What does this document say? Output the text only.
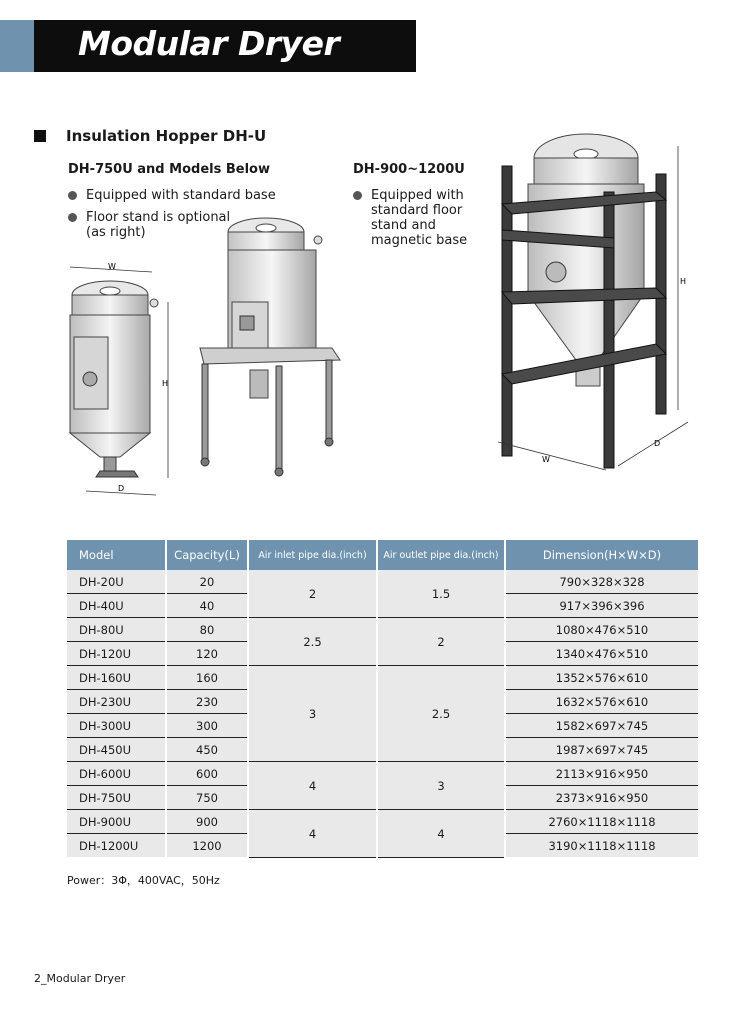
Modular Dryer
Insulation Hopper DH-U
DH-750U and Models Below
Equipped with standard base
Floor stand is optional
(as right)
DH-900~1200U
Equipped with
standard floor
stand and
magnetic base
W
D
H
H
W
D
Model	Capacity(L)	Air inlet pipe dia.(inch)	Air outlet pipe dia.(inch)	Dimension(H×W×D)
DH-20U	20	2	1.5	790×328×328
DH-40U	40			917×396×396
DH-80U	80	2.5	2	1080×476×510
DH-120U	120			1340×476×510
DH-160U	160	3	2.5	1352×576×610
DH-230U	230			1632×576×610
DH-300U	300			1582×697×745
DH-450U	450			1987×697×745
DH-600U	600	4	3	2113×916×950
DH-750U	750			2373×916×950
DH-900U	900	4	4	2760×1118×1118
DH-1200U	1200			3190×1118×1118
Power：3Φ，400VAC，50Hz
2_Modular Dryer
